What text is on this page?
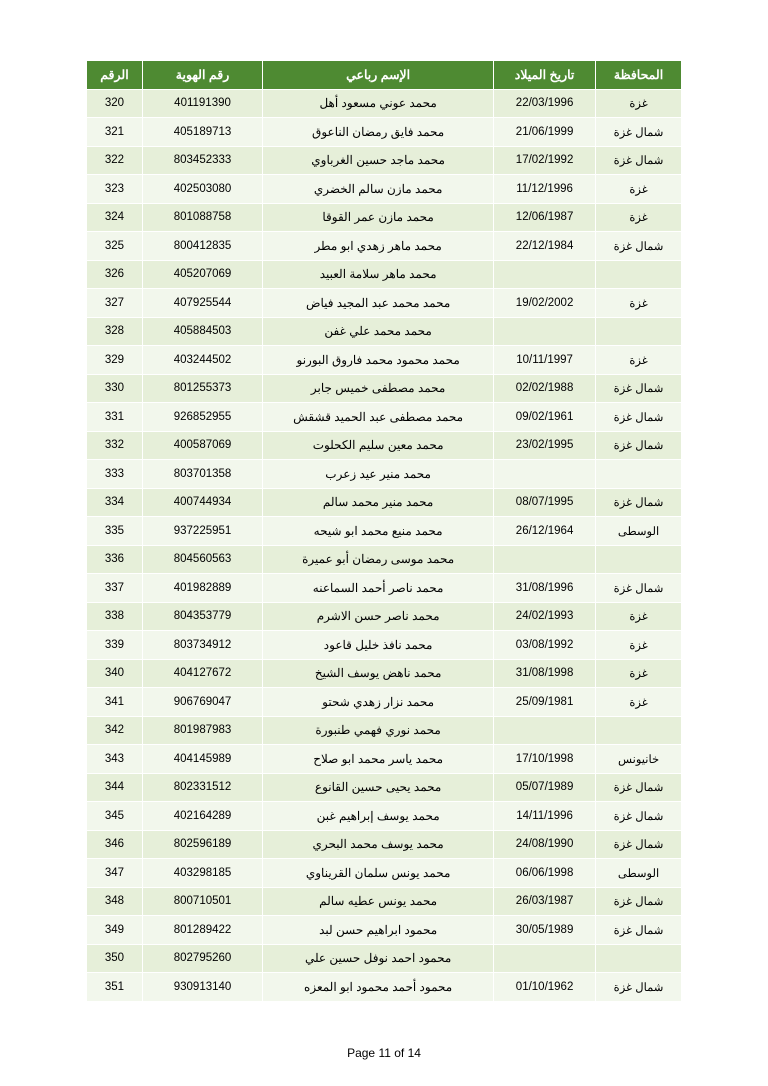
المحافظة	تاريخ الميلاد	الإسم رباعي	رقم الهوية	الرقم
غزة	22/03/1996	محمد عوني مسعود أهل	401191390	320
شمال غزة	21/06/1999	محمد فايق رمضان الناعوق	405189713	321
شمال غزة	17/02/1992	محمد ماجد حسين الغرباوي	803452333	322
غزة	11/12/1996	محمد مازن سالم الخضري	402503080	323
غزة	12/06/1987	محمد مازن عمر القوقا	801088758	324
شمال غزة	22/12/1984	محمد ماهر زهدي ابو مطر	800412835	325
		محمد ماهر سلامة العبيد	405207069	326
غزة	19/02/2002	محمد محمد عبد المجيد فياض	407925544	327
		محمد محمد علي غفن	405884503	328
غزة	10/11/1997	محمد محمود محمد فاروق البورنو	403244502	329
شمال غزة	02/02/1988	محمد مصطفى خميس جابر	801255373	330
شمال غزة	09/02/1961	محمد مصطفى عبد الحميد قشقش	926852955	331
شمال غزة	23/02/1995	محمد معين سليم الكحلوت	400587069	332
		محمد منير عيد زعرب	803701358	333
شمال غزة	08/07/1995	محمد منير محمد سالم	400744934	334
الوسطى	26/12/1964	محمد منيع محمد ابو شيحه	937225951	335
		محمد موسى رمضان أبو عميرة	804560563	336
شمال غزة	31/08/1996	محمد ناصر أحمد السماعنه	401982889	337
غزة	24/02/1993	محمد ناصر حسن الاشرم	804353779	338
غزة	03/08/1992	محمد نافذ خليل قاعود	803734912	339
غزة	31/08/1998	محمد ناهض يوسف الشيخ	404127672	340
غزة	25/09/1981	محمد نزار زهدي شحتو	906769047	341
		محمد نوري فهمي طنبورة	801987983	342
خانيونس	17/10/1998	محمد ياسر محمد ابو صلاح	404145989	343
شمال غزة	05/07/1989	محمد يحيى حسين القانوع	802331512	344
شمال غزة	14/11/1996	محمد يوسف إبراهيم غبن	402164289	345
شمال غزة	24/08/1990	محمد يوسف محمد البحري	802596189	346
الوسطى	06/06/1998	محمد يونس سلمان القريناوي	403298185	347
شمال غزة	26/03/1987	محمد يونس عطيه سالم	800710501	348
شمال غزة	30/05/1989	محمود ابراهيم حسن لبد	801289422	349
		محمود احمد نوفل حسين علي	802795260	350
شمال غزة	01/10/1962	محمود أحمد محمود ابو المعزه	930913140	351
Page 11 of 14
